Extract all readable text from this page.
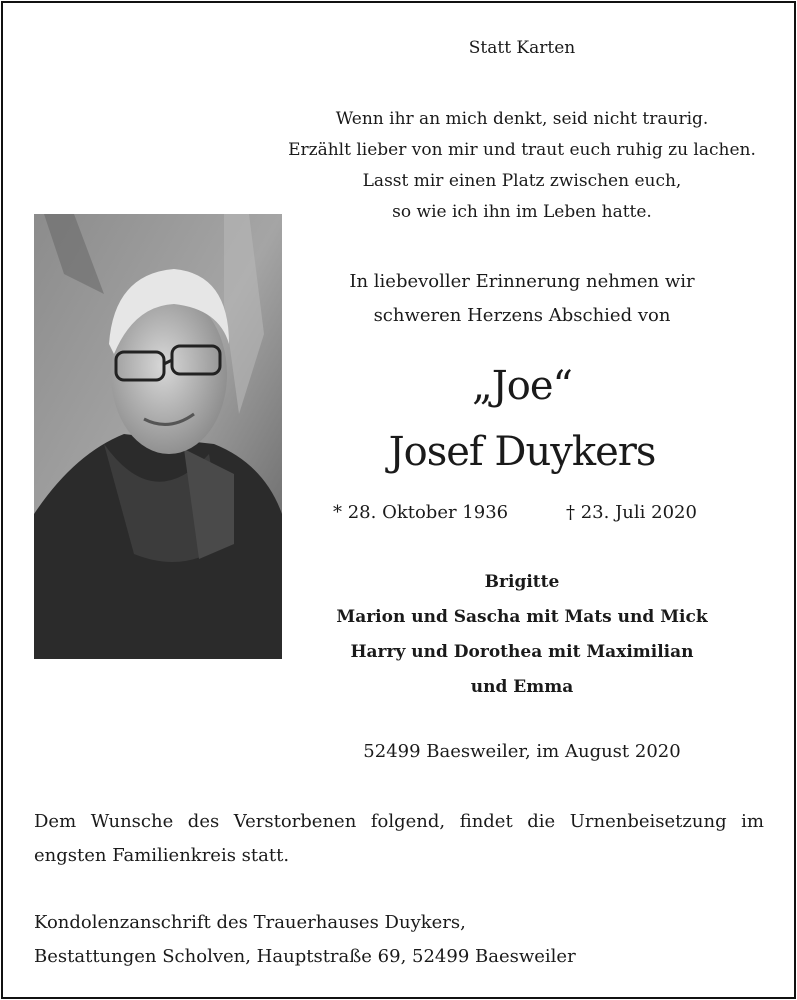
Statt Karten
Wenn ihr an mich denkt, seid nicht traurig.
Erzählt lieber von mir und traut euch ruhig zu lachen.
Lasst mir einen Platz zwischen euch,
so wie ich ihn im Leben hatte.
In liebevoller Erinnerung nehmen wir
schweren Herzens Abschied von
„Joe“
Josef Duykers
* 28. Oktober 1936	† 23. Juli 2020
Brigitte
Marion und Sascha mit Mats und Mick
Harry und Dorothea mit Maximilian
und Emma
52499 Baesweiler, im August 2020
Dem Wunsche des Verstorbenen folgend, findet die Urnenbeisetzung im
engsten Familienkreis statt.
Kondolenzanschrift des Trauerhauses Duykers,
Bestattungen Scholven, Hauptstraße 69, 52499 Baesweiler
